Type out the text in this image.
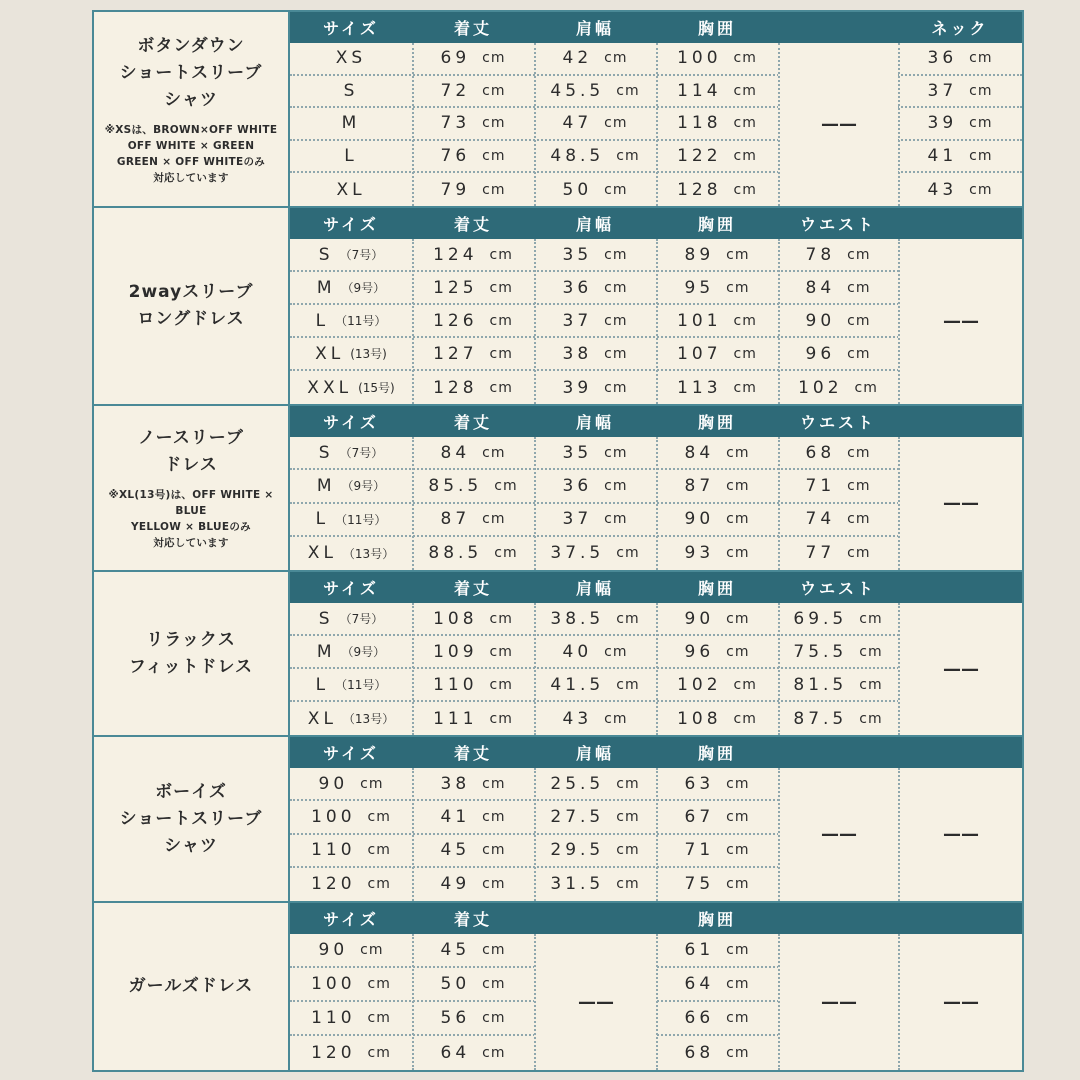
ボタンダウン
ショートスリーブ
シャツ
※XSは、BROWN×OFF WHITE
OFF WHITE × GREEN
GREEN × OFF WHITEのみ
対応しています
サイズ	着丈	肩幅	胸囲	ネック
XS	69 cm	42 cm	100 cm	36 cm
S	72 cm	45.5 cm 114 cm	37 cm
M	73 cm	47 cm	118 cm	39 cm
L	76 cm	48.5 cm 122 cm	41 cm
XL	79 cm	50 cm	128 cm	43 cm
——
2wayスリーブ
ロングドレス
サイズ	着丈	肩幅	胸囲	ウエスト
S （7号）	124 cm	35 cm	89 cm	78 cm
M （9号）	125 cm	36 cm	95 cm	84 cm
L （11号）	126 cm	37 cm	101 cm	90 cm
XL (13号)	127 cm	38 cm	107 cm	96 cm
XXL (15号) 128 cm	39 cm	113 cm 102 cm
——
ノースリーブ
ドレス
※XL(13号)は、OFF WHITE × BLUE
YELLOW × BLUEのみ
対応しています
サイズ	着丈	肩幅	胸囲	ウエスト
S （7号）	84 cm	35 cm	84 cm	68 cm
M （9号）	85.5 cm	36 cm	87 cm	71 cm
L （11号）	87 cm	37 cm	90 cm	74 cm
XL （13号） 88.5 cm 37.5 cm	93 cm	77 cm
——
リラックス
フィットドレス
サイズ	着丈	肩幅	胸囲	ウエスト
S （7号）	108 cm 38.5 cm	90 cm	69.5 cm
M （9号）	109 cm	40 cm	96 cm	75.5 cm
L （11号）	110 cm 41.5 cm 102 cm 81.5 cm
XL （13号） 111 cm	43 cm	108 cm 87.5 cm
——
ボーイズ
ショートスリーブ
シャツ
サイズ	着丈	肩幅	胸囲
90 cm	38 cm	25.5 cm	63 cm
100 cm	41 cm	27.5 cm	67 cm
110 cm	45 cm	29.5 cm	71 cm
120 cm	49 cm	31.5 cm	75 cm
——	——
ガールズドレス
サイズ	着丈	胸囲
90 cm	45 cm	61 cm
100 cm	50 cm	64 cm
110 cm	56 cm	66 cm
120 cm	64 cm	68 cm
——	——	——
